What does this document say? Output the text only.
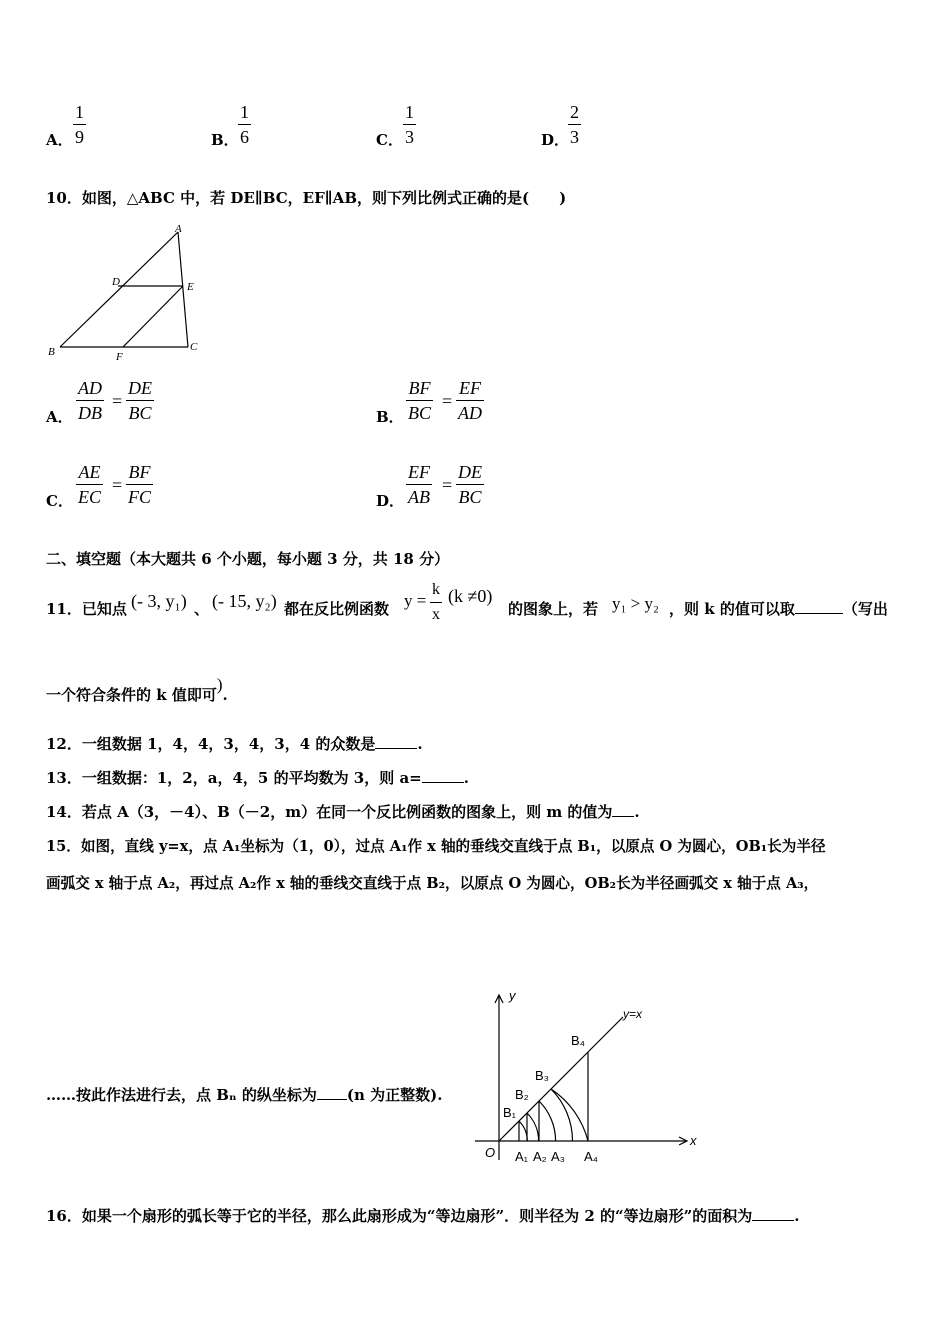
A．
1
9	B．
1
6	C．
1
3	D．
2
3
10．如图，△ABC 中，若 DE∥BC，EF∥AB，则下列比例式正确的是(　　)
A
B	C
D	E
F
A．
AD
DB
=
DE
BC	B．
BF
BC
=
EF
AD
C．
AE
EC
=
BF
FC	D．
EF
AB
=
DE
BC
二、填空题（本大题共 6 个小题，每小题 3 分，共 18 分）
11．已知点 (- 3, y₁) 、 (- 15, y₂) 都在反比例函数 y =
k
x
(k ≠0)
的图象上，若 y₁ > y₂ ，则 k 的值可以取	（写出
一个符合条件的 k 值即可).
12．一组数据 1，4，4，3，4，3，4 的众数是	.
13．一组数据：1，2，a，4，5 的平均数为 3，则 a=	.
14．若点 A（3，－4）、B（－2，m）在同一个反比例函数的图象上，则 m 的值为 .
15．如图，直线 y=x，点 A₁坐标为（1，0），过点 A₁作 x 轴的垂线交直线于点 B₁，以原点 O 为圆心，OB₁长为半径
画弧交 x 轴于点 A₂，再过点 A₂作 x 轴的垂线交直线于点 B₂，以原点 O 为圆心，OB₂长为半径画弧交 x 轴于点 A₃，
……按此作法进行去，点 Bₙ 的纵坐标为 (n 为正整数).
y
x
O
y=x
B₁
B₂
B₃
B₄
A₁ A₂ A₃ A₄
16．如果一个扇形的弧长等于它的半径，那么此扇形成为“等边扇形”．则半径为 2 的“等边扇形”的面积为	.
